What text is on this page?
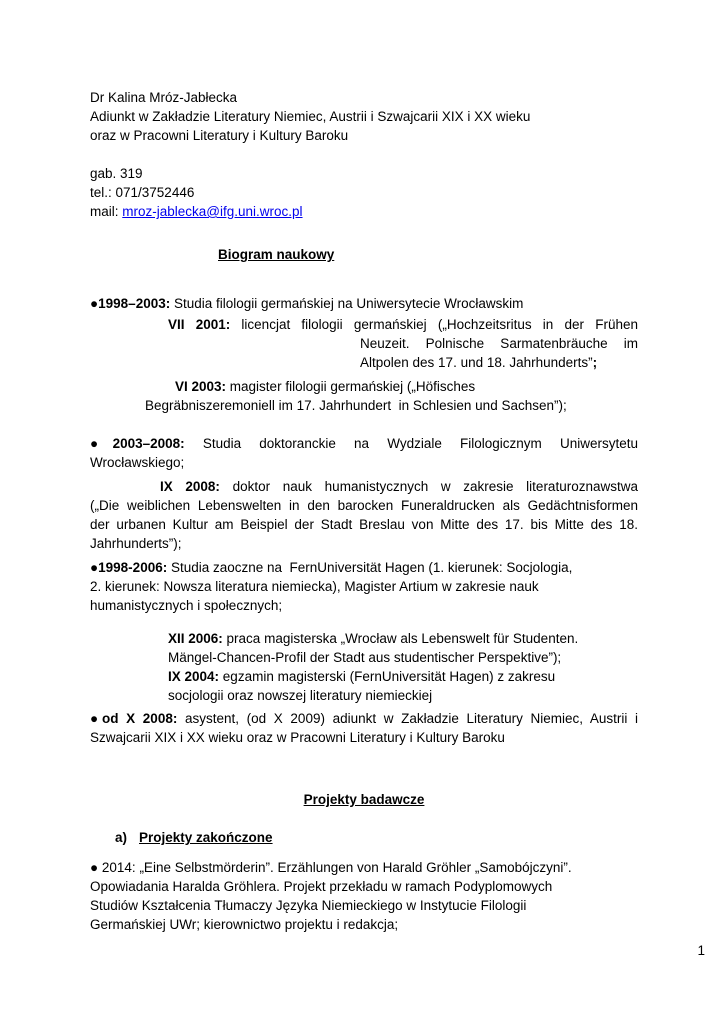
Dr Kalina Mróz-Jabłecka
Adiunkt w Zakładzie Literatury Niemiec, Austrii i Szwajcarii XIX i XX wieku
oraz w Pracowni Literatury i Kultury Baroku
gab. 319
tel.: 071/3752446
mail: mroz-jablecka@ifg.uni.wroc.pl
Biogram naukowy
●1998–2003: Studia filologii germańskiej na Uniwersytecie Wrocławskim
VII 2001: licencjat filologii germańskiej („Hochzeitsritus in der Frühen
Neuzeit. Polnische Sarmatenbräuche im
Altpolen des 17. und 18. Jahrhunderts”;
VI 2003: magister filologii germańskiej („Höfisches
Begräbniszeremoniell im 17. Jahrhundert  in Schlesien und Sachsen”);
●2003–2008: Studia doktoranckie na Wydziale Filologicznym Uniwersytetu
Wrocławskiego;
IX 2008: doktor nauk humanistycznych w zakresie literaturoznawstwa
(„Die weiblichen Lebenswelten in den barocken Funeraldrucken als Gedächtnisformen
der urbanen Kultur am Beispiel der Stadt Breslau von Mitte des 17. bis Mitte des 18.
Jahrhunderts”);
●1998-2006: Studia zaoczne na  FernUniversität Hagen (1. kierunek: Socjologia,
2. kierunek: Nowsza literatura niemiecka), Magister Artium w zakresie nauk
humanistycznych i społecznych;
XII 2006: praca magisterska „Wrocław als Lebenswelt für Studenten.
Mängel-Chancen-Profil der Stadt aus studentischer Perspektive”);
IX 2004: egzamin magisterski (FernUniversität Hagen) z zakresu
socjologii oraz nowszej literatury niemieckiej
●od X 2008: asystent, (od X 2009) adiunkt w Zakładzie Literatury Niemiec, Austrii i
Szwajcarii XIX i XX wieku oraz w Pracowni Literatury i Kultury Baroku
Projekty badawcze
a) Projekty zakończone
● 2014: „Eine Selbstmörderin”. Erzählungen von Harald Gröhler „Samobójczyni”.
Opowiadania Haralda Gröhlera. Projekt przekładu w ramach Podyplomowych
Studiów Kształcenia Tłumaczy Języka Niemieckiego w Instytucie Filologii
Germańskiej UWr; kierownictwo projektu i redakcja;
1
